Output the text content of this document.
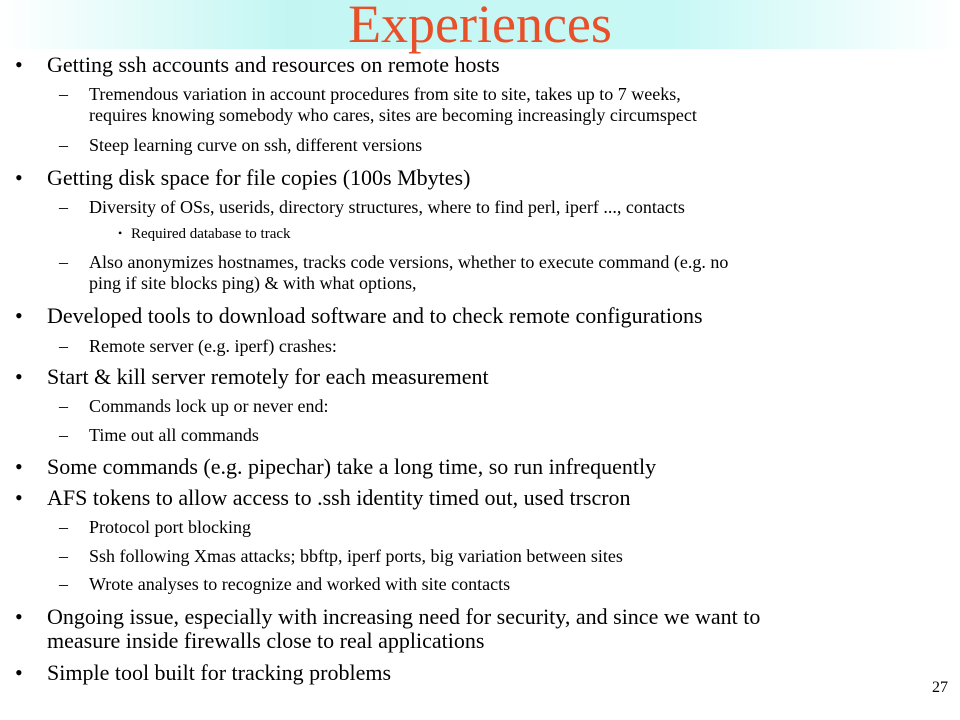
Experiences
• Getting ssh accounts and resources on remote hosts
– Tremendous variation in account procedures from site to site, takes up to 7 weeks,
requires knowing somebody who cares, sites are becoming increasingly circumspect
– Steep learning curve on ssh, different versions
• Getting disk space for file copies (100s Mbytes)
– Diversity of OSs, userids, directory structures, where to find perl, iperf ..., contacts
• Required database to track
– Also anonymizes hostnames, tracks code versions, whether to execute command (e.g. no
ping if site blocks ping) & with what options,
• Developed tools to download software and to check remote configurations
– Remote server (e.g. iperf) crashes:
• Start & kill server remotely for each measurement
– Commands lock up or never end:
– Time out all commands
• Some commands (e.g. pipechar) take a long time, so run infrequently
• AFS tokens to allow access to .ssh identity timed out, used trscron
– Protocol port blocking
– Ssh following Xmas attacks; bbftp, iperf ports, big variation between sites
– Wrote analyses to recognize and worked with site contacts
• Ongoing issue, especially with increasing need for security, and since we want to
measure inside firewalls close to real applications
• Simple tool built for tracking problems
27
